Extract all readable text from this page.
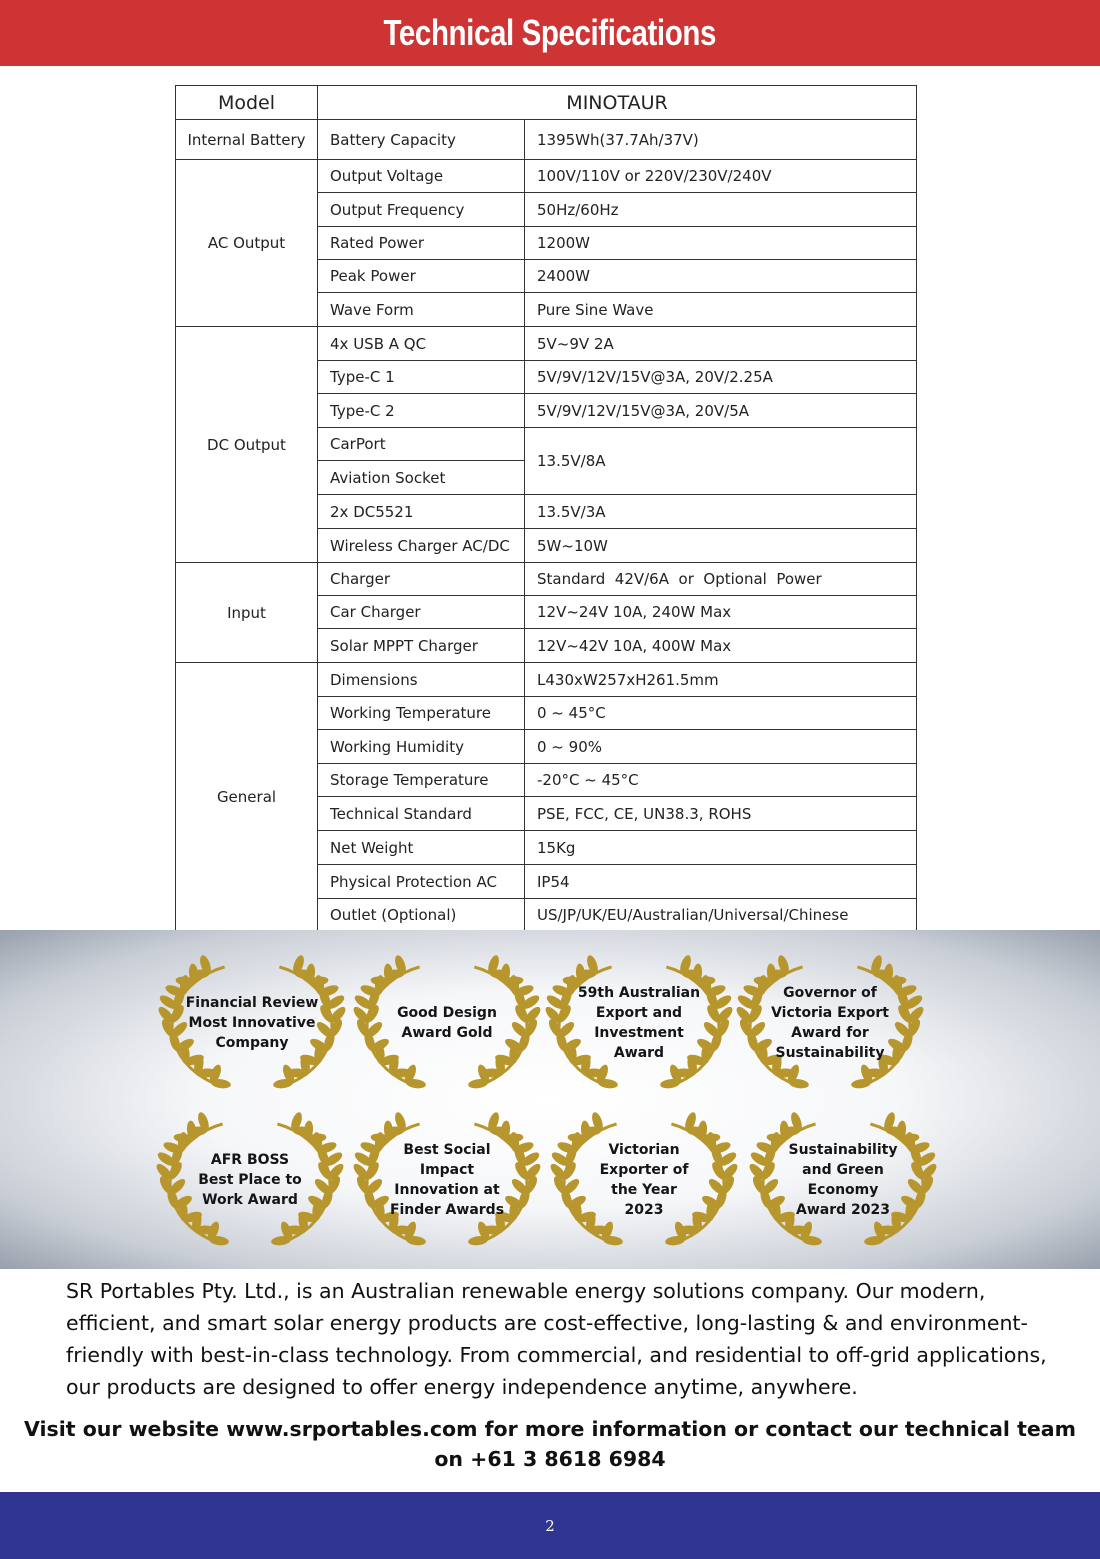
Technical Specifications
Model	MINOTAUR	
Internal Battery	Battery Capacity	1395Wh(37.7Ah/37V)
AC Output	Output Voltage	100V/110V or 220V/230V/240V
	Output Frequency	50Hz/60Hz
	Rated Power	1200W
	Peak Power	2400W
	Wave Form	Pure Sine Wave
DC Output	4x USB A QC	5V~9V 2A
	Type-C 1	5V/9V/12V/15V@3A, 20V/2.25A
	Type-C 2	5V/9V/12V/15V@3A, 20V/5A
	CarPort	13.5V/8A
	Aviation Socket	
	2x DC5521	13.5V/3A
	Wireless Charger AC/DC	5W~10W
Input	Charger	Standard  42V/6A  or  Optional  Power
	Car Charger	12V~24V 10A, 240W Max
	Solar MPPT Charger	12V~42V 10A, 400W Max
General	Dimensions	L430xW257xH261.5mm
	Working Temperature	0 ~ 45°C
	Working Humidity	0 ~ 90%
	Storage Temperature	-20°C ~ 45°C
	Technical Standard	PSE, FCC, CE, UN38.3, ROHS
	Net Weight	15Kg
	Physical Protection AC	IP54
	Outlet (Optional)	US/JP/UK/EU/Australian/Universal/Chinese
Financial Review
Most Innovative
Company
Good Design
Award Gold
59th Australian
Export and
Investment
Award
Governor of
Victoria Export
Award for
Sustainability
AFR BOSS
Best Place to
Work Award
Best Social
Impact
Innovation at
Finder Awards
Victorian
Exporter of
the Year
2023
Sustainability
and Green
Economy
Award 2023
SR Portables Pty. Ltd., is an Australian renewable energy solutions company. Our modern, efficient, and smart solar energy products are cost-effective, long-lasting & and environment-friendly with best-in-class technology. From commercial, and residential to off-grid applications, our products are designed to offer energy independence anytime, anywhere.
Visit our website www.srportables.com for more information or contact our technical team on +61 3 8618 6984
2
